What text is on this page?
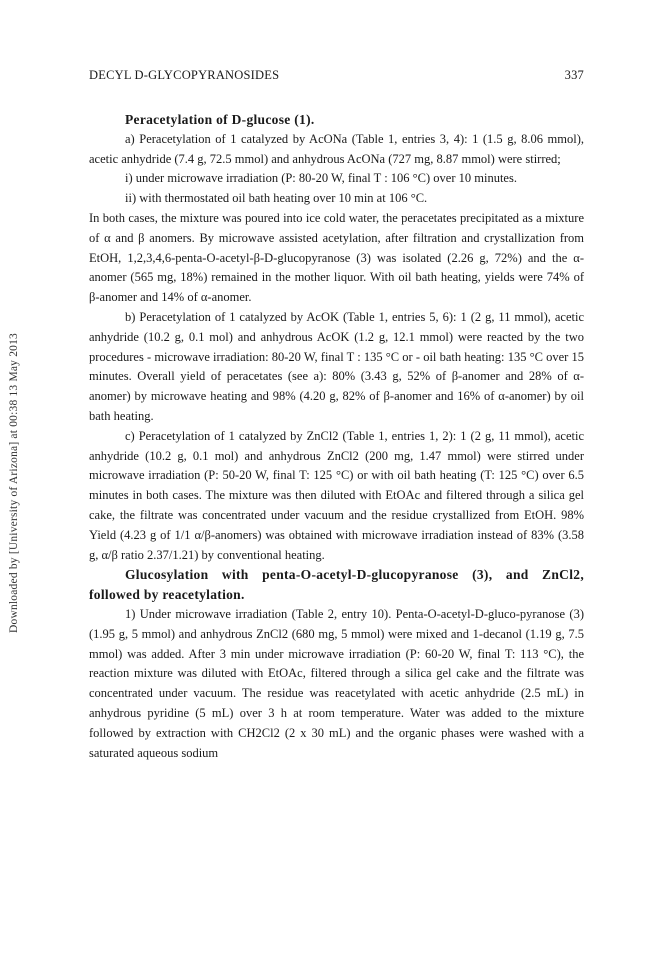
DECYL D-GLYCOPYRANOSIDES	337
Downloaded by [University of Arizona] at 00:38 13 May 2013

Peracetylation of D-glucose (1).

a) Peracetylation of 1 catalyzed by AcONa (Table 1, entries 3, 4): 1 (1.5 g, 8.06 mmol), acetic anhydride (7.4 g, 72.5 mmol) and anhydrous AcONa (727 mg, 8.87 mmol) were stirred;

i) under microwave irradiation (P: 80-20 W, final T : 106 °C) over 10 minutes.

ii) with thermostated oil bath heating over 10 min at 106 °C.

In both cases, the mixture was poured into ice cold water, the peracetates precipitated as a mixture of α and β anomers. By microwave assisted acetylation, after filtration and crystallization from EtOH, 1,2,3,4,6-penta-O-acetyl-β-D-glucopyranose (3) was isolated (2.26 g, 72%) and the α-anomer (565 mg, 18%) remained in the mother liquor. With oil bath heating, yields were 74% of β-anomer and 14% of α-anomer.

b) Peracetylation of 1 catalyzed by AcOK (Table 1, entries 5, 6): 1 (2 g, 11 mmol), acetic anhydride (10.2 g, 0.1 mol) and anhydrous AcOK (1.2 g, 12.1 mmol) were reacted by the two procedures - microwave irradiation: 80-20 W, final T : 135 °C or - oil bath heating: 135 °C over 15 minutes. Overall yield of peracetates (see a): 80% (3.43 g, 52% of β-anomer and 28% of α-anomer) by microwave heating and 98% (4.20 g, 82% of β-anomer and 16% of α-anomer) by oil bath heating.

c) Peracetylation of 1 catalyzed by ZnCl2 (Table 1, entries 1, 2): 1 (2 g, 11 mmol), acetic anhydride (10.2 g, 0.1 mol) and anhydrous ZnCl2 (200 mg, 1.47 mmol) were stirred under microwave irradiation (P: 50-20 W, final T: 125 °C) or with oil bath heating (T: 125 °C) over 6.5 minutes in both cases. The mixture was then diluted with EtOAc and filtered through a silica gel cake, the filtrate was concentrated under vacuum and the residue crystallized from EtOH. 98% Yield (4.23 g of 1/1 α/β-anomers) was obtained with microwave irradiation instead of 83% (3.58 g, α/β ratio 2.37/1.21) by conventional heating.

Glucosylation with penta-O-acetyl-D-glucopyranose (3), and ZnCl2, followed by reacetylation.

1) Under microwave irradiation (Table 2, entry 10). Penta-O-acetyl-D-gluco-pyranose (3) (1.95 g, 5 mmol) and anhydrous ZnCl2 (680 mg, 5 mmol) were mixed and 1-decanol (1.19 g, 7.5 mmol) was added. After 3 min under microwave irradiation (P: 60-20 W, final T: 113 °C), the reaction mixture was diluted with EtOAc, filtered through a silica gel cake and the filtrate was concentrated under vacuum. The residue was reacetylated with acetic anhydride (2.5 mL) in anhydrous pyridine (5 mL) over 3 h at room temperature. Water was added to the mixture followed by extraction with CH2Cl2 (2 x 30 mL) and the organic phases were washed with a saturated aqueous sodium
